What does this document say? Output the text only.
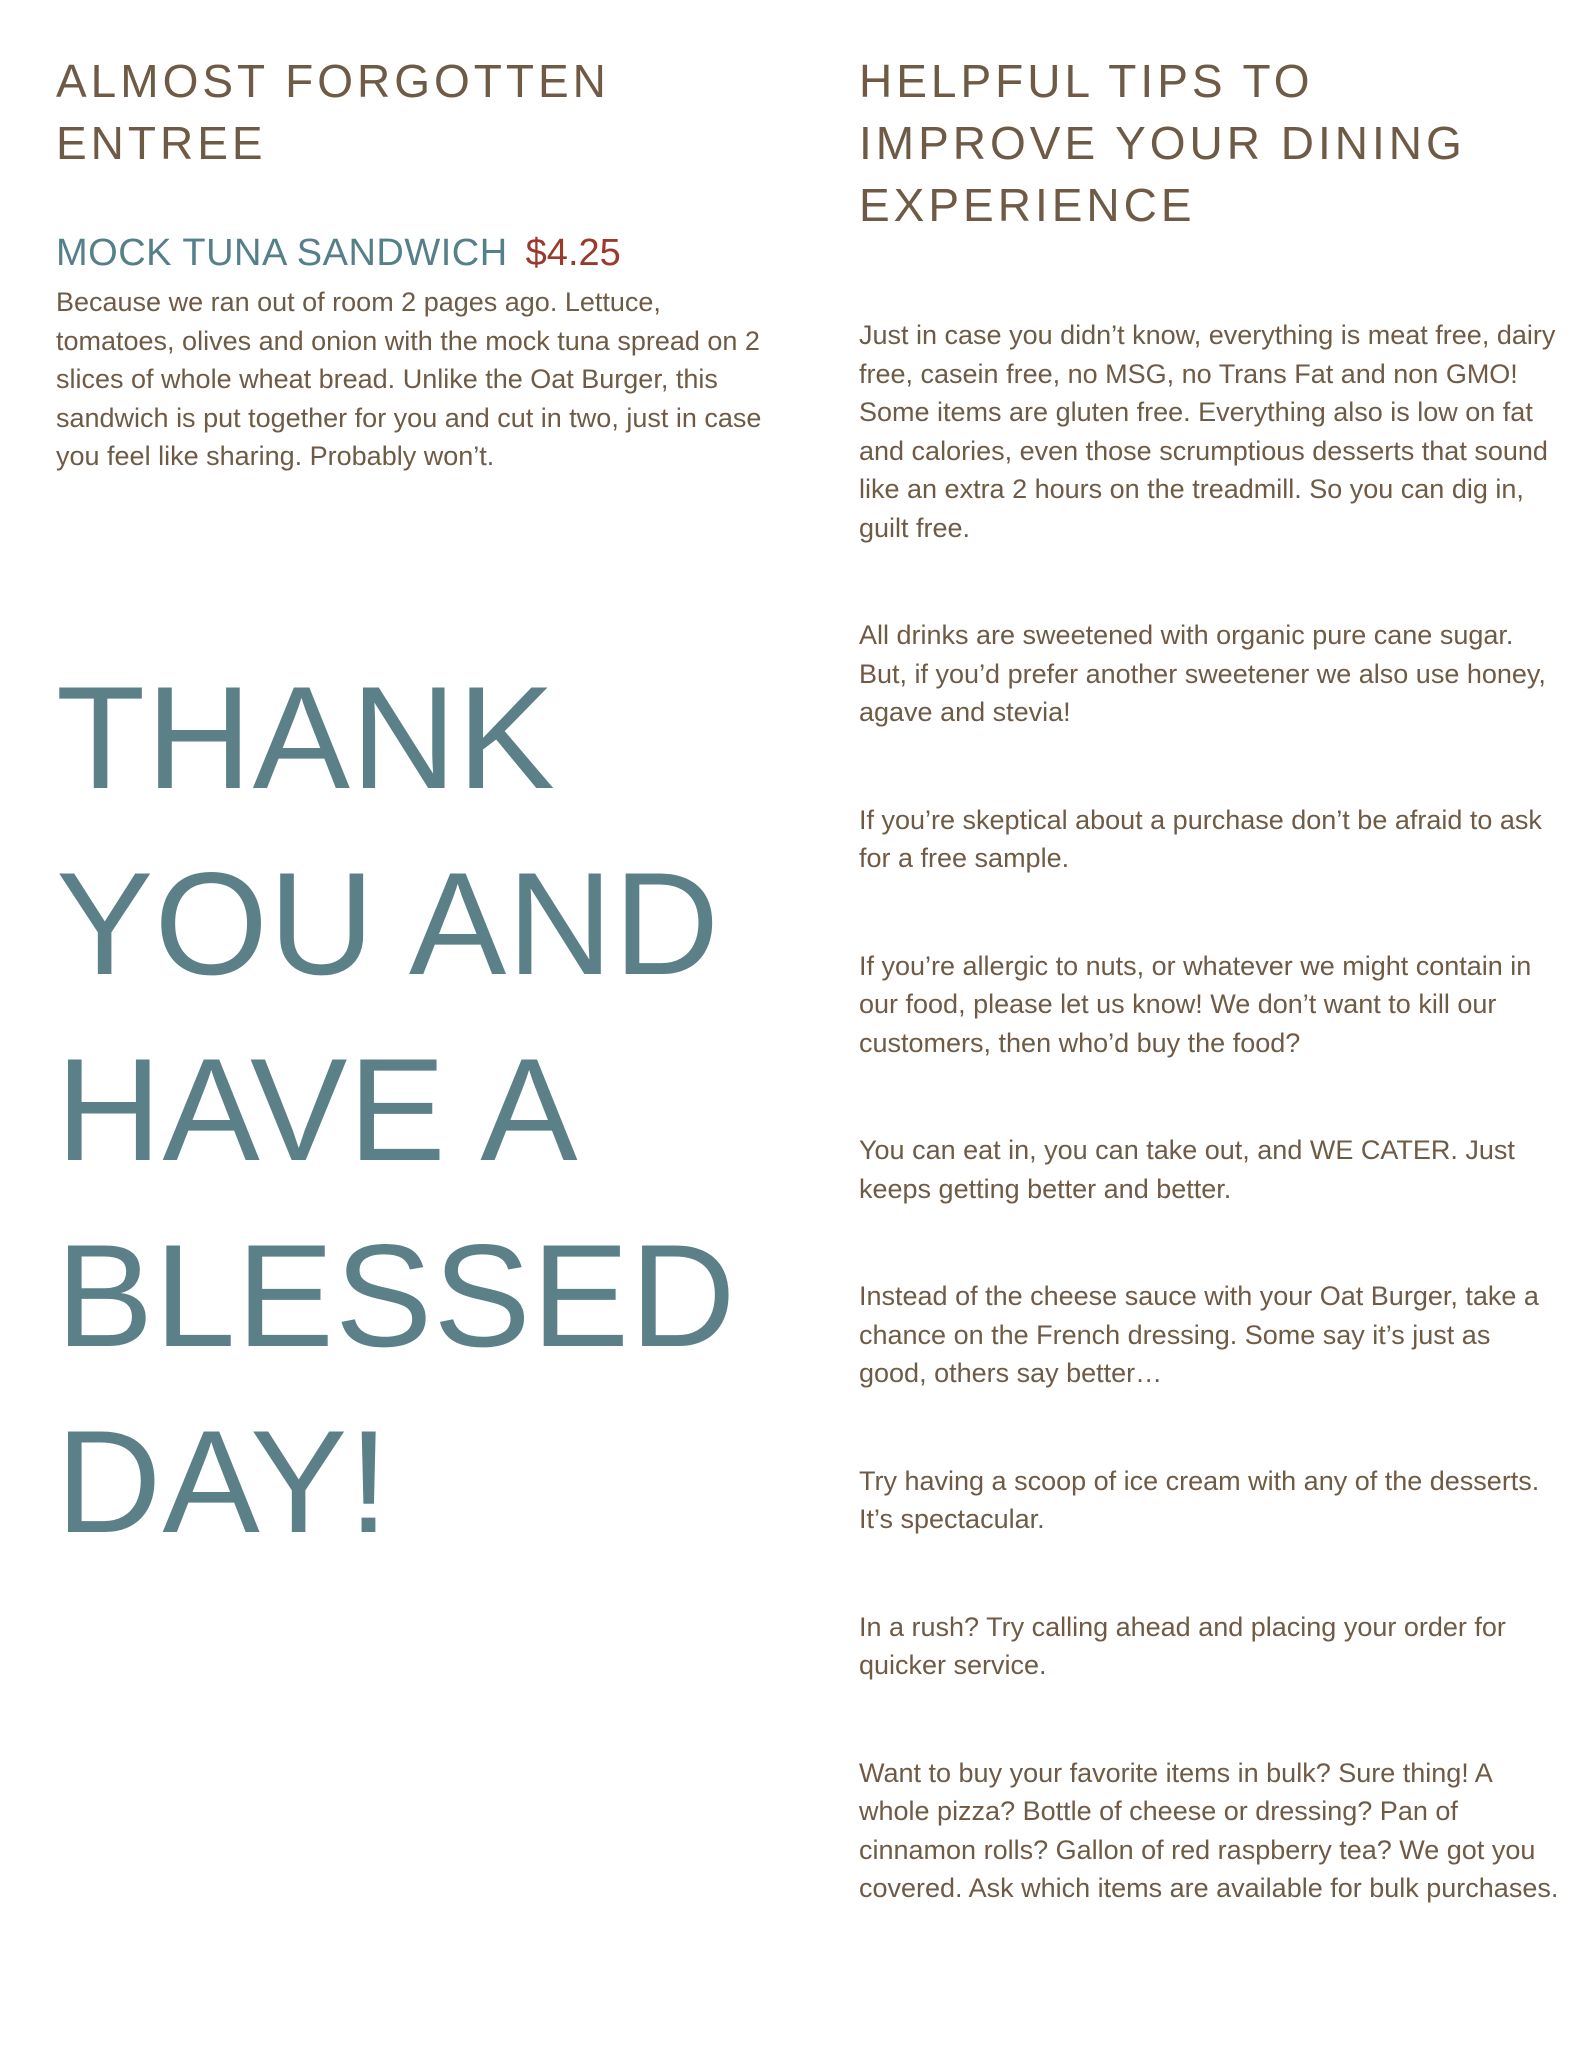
ALMOST FORGOTTEN ENTREE
MOCK TUNA SANDWICH $4.25

Because we ran out of room 2 pages ago. Lettuce, tomatoes, olives and onion with the mock tuna spread on 2 slices of whole wheat bread. Unlike the Oat Burger, this sandwich is put together for you and cut in two, just in case you feel like sharing. Probably won’t.

THANK
YOU AND
HAVE A
BLESSED
DAY!
HELPFUL TIPS TO IMPROVE YOUR DINING EXPERIENCE

Just in case you didn’t know, everything is meat free, dairy free, casein free, no MSG, no Trans Fat and non GMO! Some items are gluten free. Everything also is low on fat and calories, even those scrumptious desserts that sound like an extra 2 hours on the treadmill. So you can dig in, guilt free.

All drinks are sweetened with organic pure cane sugar. But, if you’d prefer another sweetener we also use honey, agave and stevia!

If you’re skeptical about a purchase don’t be afraid to ask for a free sample.

If you’re allergic to nuts, or whatever we might contain in our food, please let us know! We don’t want to kill our customers, then who’d buy the food?

You can eat in, you can take out, and WE CATER. Just keeps getting better and better.

Instead of the cheese sauce with your Oat Burger, take a chance on the French dressing. Some say it’s just as good, others say better…

Try having a scoop of ice cream with any of the desserts. It’s spectacular.

In a rush? Try calling ahead and placing your order for quicker service.

Want to buy your favorite items in bulk? Sure thing! A whole pizza? Bottle of cheese or dressing? Pan of cinnamon rolls? Gallon of red raspberry tea? We got you covered. Ask which items are available for bulk purchases.
